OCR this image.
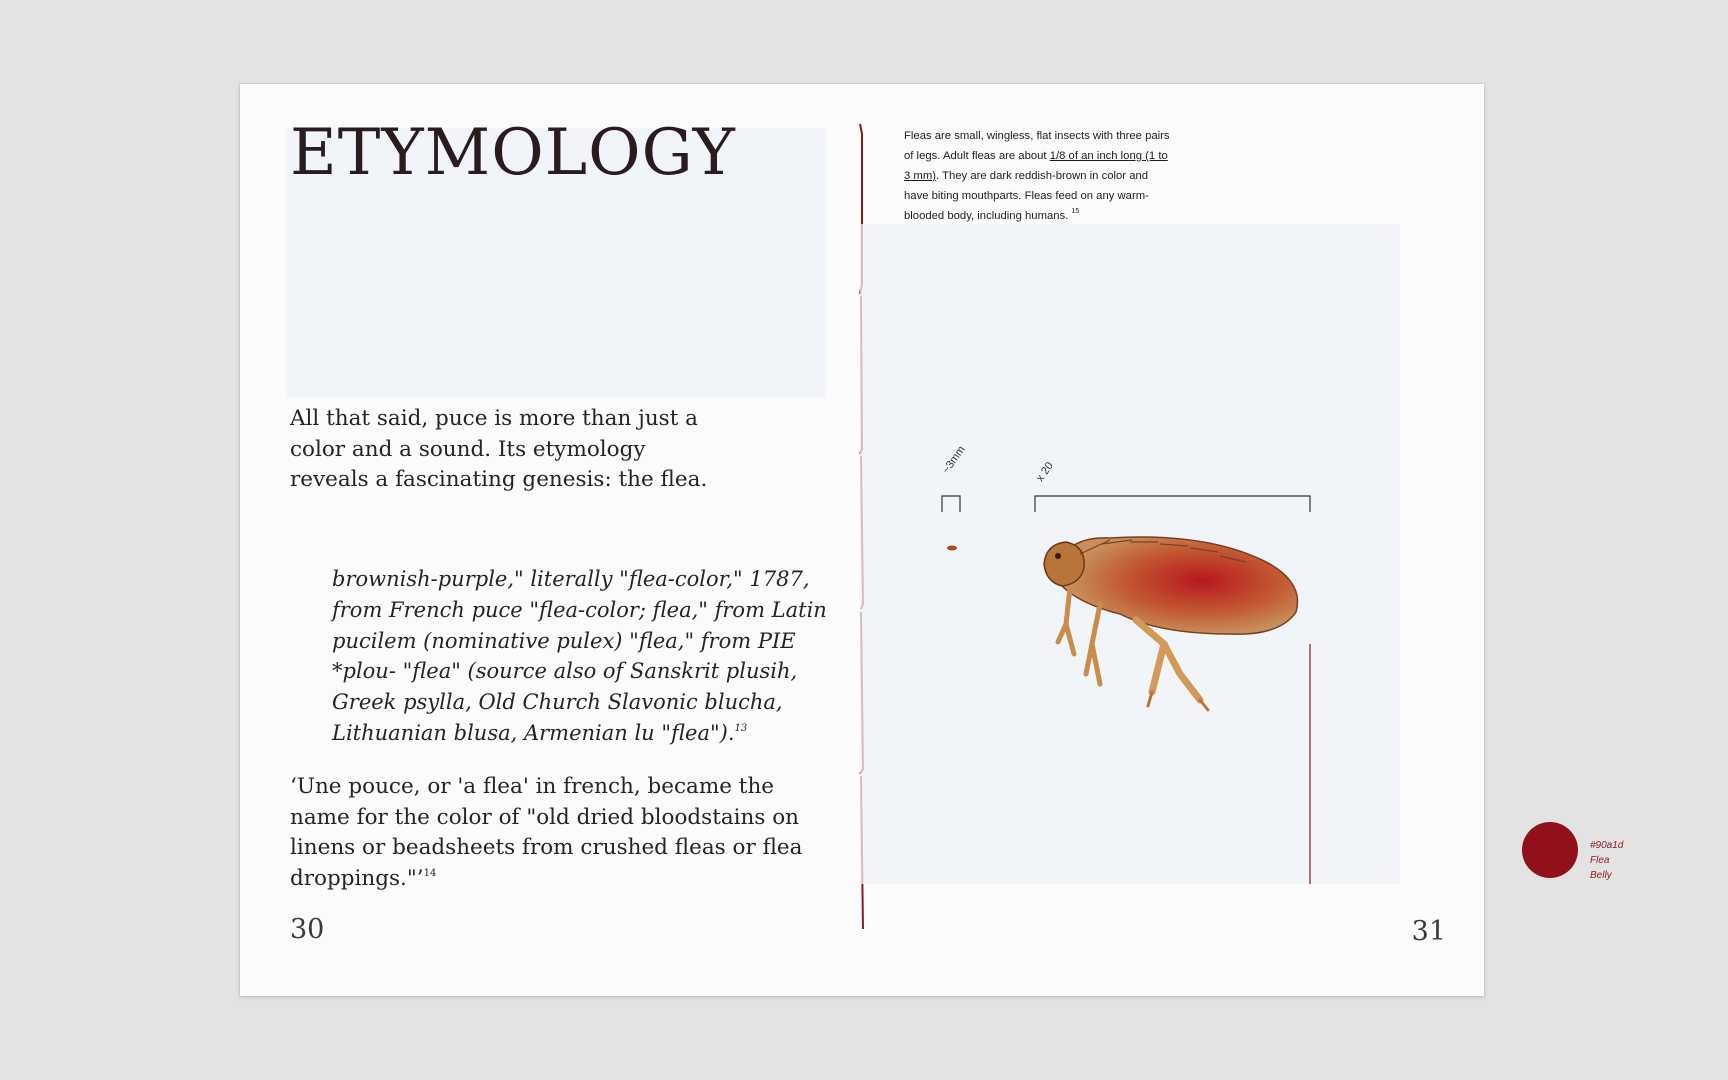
ETYMOLOGY

All that said, puce is more than just a color and a sound. Its etymology reveals a fascinating genesis: the flea.

brownish-purple," literally "flea-color," 1787, from French puce "flea-color; flea," from Latin pucilem (nominative pulex) "flea," from PIE *plou- "flea" (source also of Sanskrit plusih, Greek psylla, Old Church Slavonic blucha, Lithuanian blusa, Armenian lu "flea").$^{13}$

‘Une pouce, or 'a flea' in french, became the name for the color of "old dried bloodstains on linens or beadsheets from crushed fleas or flea droppings."’$^{14}$

30
Fleas are small, wingless, flat insects with three pairs of legs. Adult fleas are about 1/8 of an inch long (1 to 3 mm). They are dark reddish-brown in color and have biting mouthparts. Fleas feed on any warm-blooded body, including humans. $^{15}$
~3mm	x 20
#90a1d
Flea Belly
31
